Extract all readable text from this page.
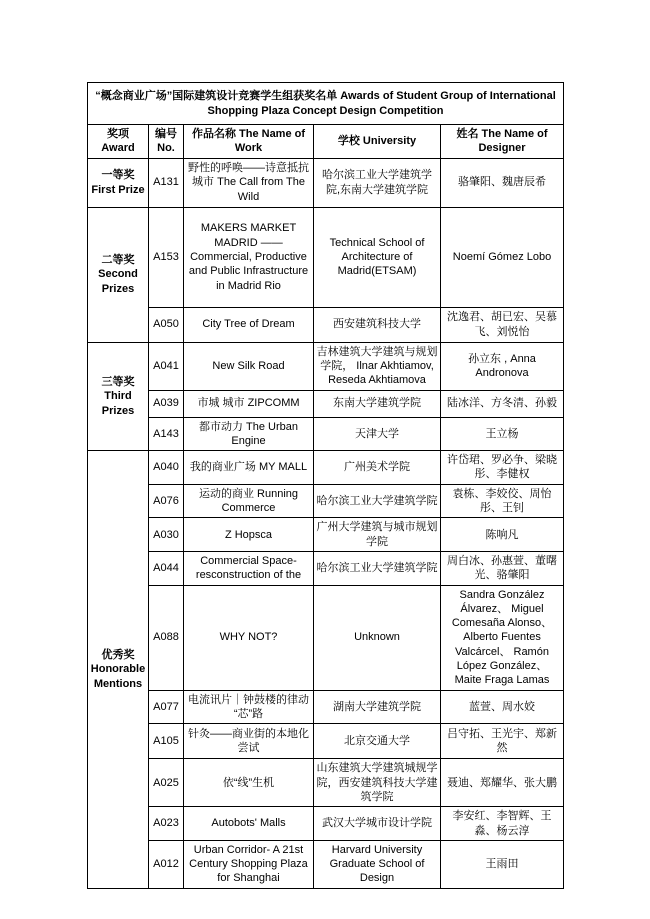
“概念商业广场”国际建筑设计竞赛学生组获奖名单 Awards of Student Group of International Shopping Plaza Concept Design Competition				
奖项 Award	编号 No.	作品名称 The Name of Work	学校 University	姓名 The Name of Designer
一等奖 First Prize	A131	野性的呼唤——诗意抵抗城市 The Call from The Wild	哈尔滨工业大学建筑学院,东南大学建筑学院	骆肇阳、魏唐辰希
二等奖 Second Prizes	A153	MAKERS MARKET MADRID ——Commercial, Productive and Public Infrastructure in Madrid Rio	Technical School of Architecture of Madrid(ETSAM)	Noemí Gómez Lobo
	A050	City Tree of Dream	西安建筑科技大学	沈逸君、胡已宏、吴慕飞、刘悦怡
三等奖 Third Prizes	A041	New Silk Road	吉林建筑大学建筑与规划学院， Ilnar Akhtiamov, Reseda Akhtiamova	孙立东 , Anna Andronova
	A039	市城 城市 ZIPCOMM	东南大学建筑学院	陆冰洋、方冬清、孙毅
	A143	都市动力 The Urban Engine	天津大学	王立杨
优秀奖 Honorable Mentions	A040	我的商业广场 MY MALL	广州美术学院	许岱珺、罗必争、梁晓彤、李健权
	A076	运动的商业 Running Commerce	哈尔滨工业大学建筑学院	袁栋、李姣佼、周怡彤、王钊
	A030	Z Hopsca	广州大学建筑与城市规划学院	陈响凡
	A044	Commercial Space-resconstruction of the	哈尔滨工业大学建筑学院	周白冰、孙惠萱、董曙光、骆肇阳
	A088	WHY NOT?	Unknown	Sandra González Álvarez、 Miguel Comesaña Alonso、 Alberto Fuentes Valcárcel、 Ramón López González、 Maite Fraga Lamas
	A077	电流讯片｜钟鼓楼的律动 “芯”路	湖南大学建筑学院	蓝萱、周水姣
	A105	针灸——商业街的本地化尝试	北京交通大学	吕守拓、王光宇、郑新然
	A025	依“线”生机	山东建筑大学建筑城规学院，西安建筑科技大学建筑学院	聂迪、郑耀华、张大鹏
	A023	Autobots' Malls	武汉大学城市设计学院	李安红、李智辉、王淼、杨云淳
	A012	Urban Corridor- A 21st Century Shopping Plaza for Shanghai	Harvard University Graduate School of Design	王雨田
